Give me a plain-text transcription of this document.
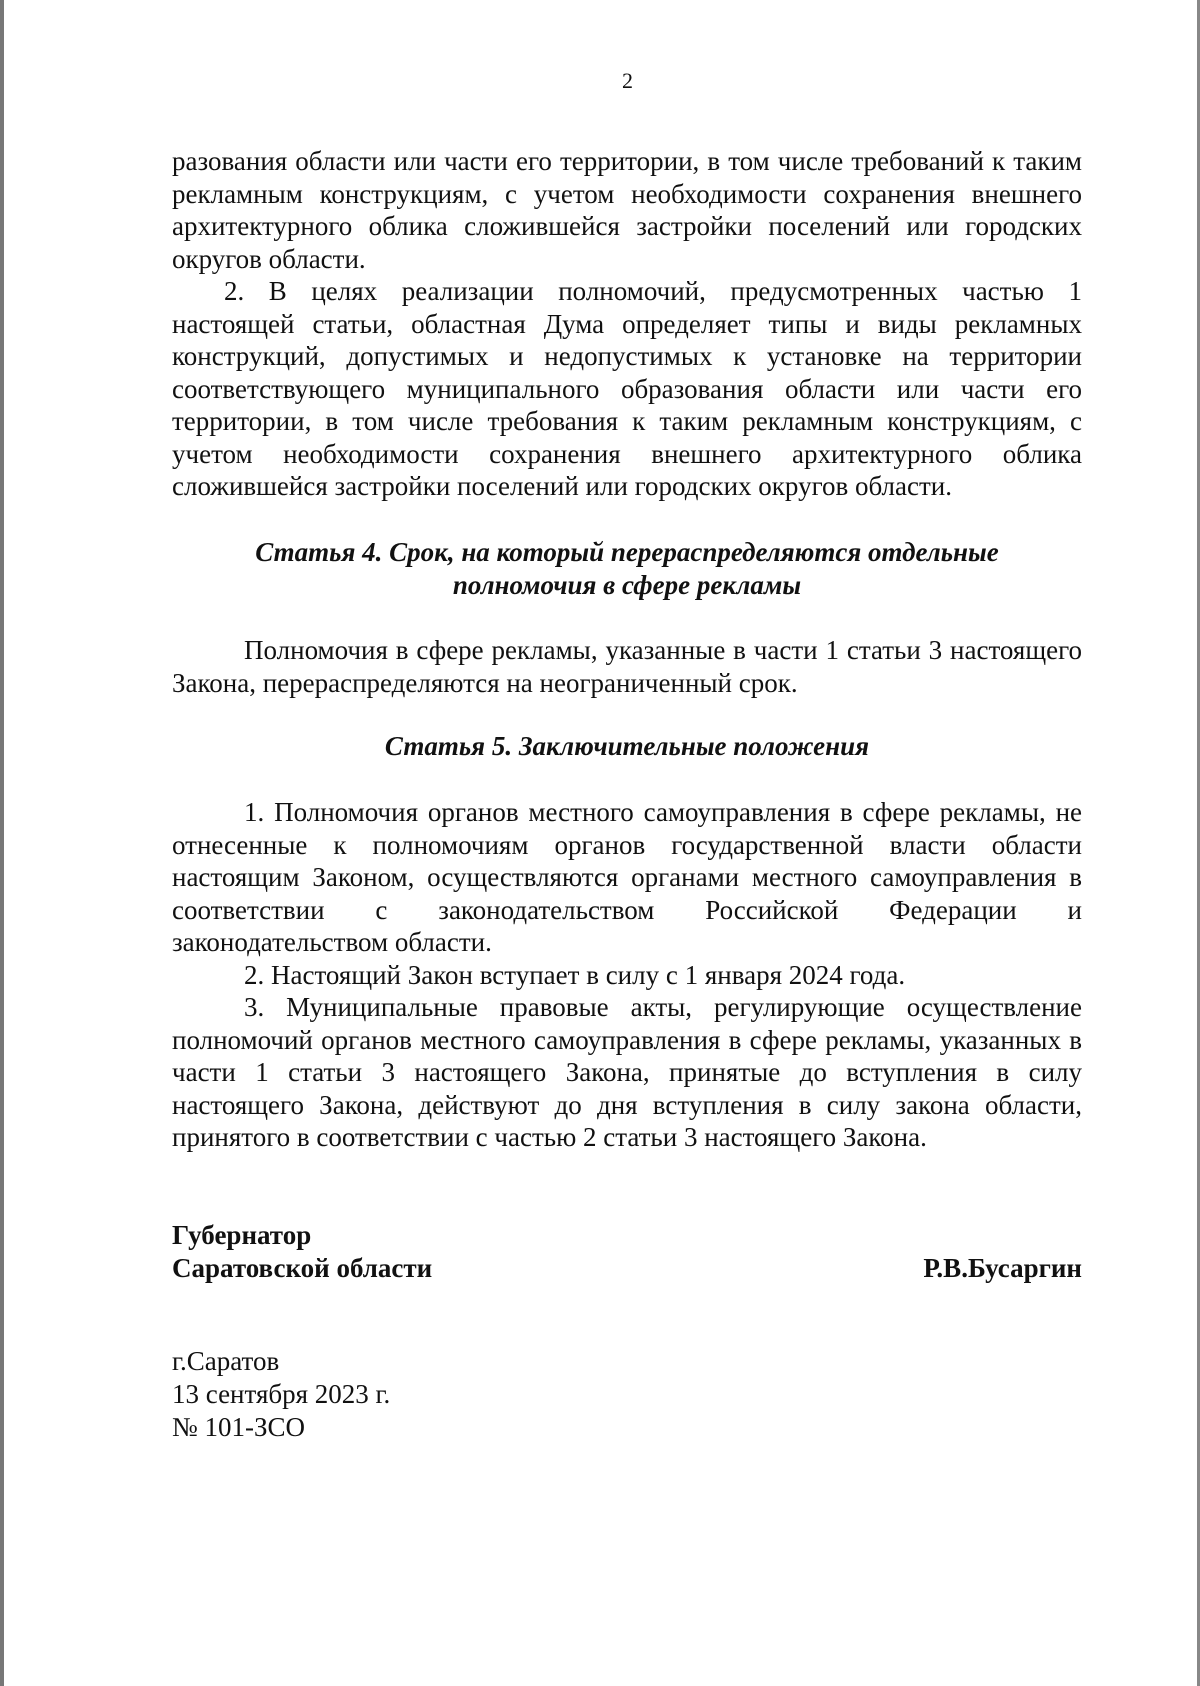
2

разования области или части его территории, в том числе требований к таким рекламным конструкциям, с учетом необходимости сохранения внешнего архитектурного облика сложившейся застройки поселений или городских округов области.

2. В целях реализации полномочий, предусмотренных частью 1 настоящей статьи, областная Дума определяет типы и виды рекламных конструкций, допустимых и недопустимых к установке на территории соответствующего муниципального образования области или части его территории, в том числе требования к таким рекламным конструкциям, с учетом необходимости сохранения внешнего архитектурного облика сложившейся застройки поселений или городских округов области.

Статья 4. Срок, на который перераспределяются отдельные
полномочия в сфере рекламы

Полномочия в сфере рекламы, указанные в части 1 статьи 3 настоящего Закона, перераспределяются на неограниченный срок.

Статья 5. Заключительные положения

1. Полномочия органов местного самоуправления в сфере рекламы, не отнесенные к полномочиям органов государственной власти области настоящим Законом, осуществляются органами местного самоуправления в соответствии с законодательством Российской Федерации и законодательством области.

2. Настоящий Закон вступает в силу с 1 января 2024 года.

3. Муниципальные правовые акты, регулирующие осуществление полномочий органов местного самоуправления в сфере рекламы, указанных в части 1 статьи 3 настоящего Закона, принятые до вступления в силу настоящего Закона, действуют до дня вступления в силу закона области, принятого в соответствии с частью 2 статьи 3 настоящего Закона.

Губернатор
Саратовской области	Р.В.Бусаргин
г.Саратов
13 сентября 2023 г.
№ 101-ЗСО
